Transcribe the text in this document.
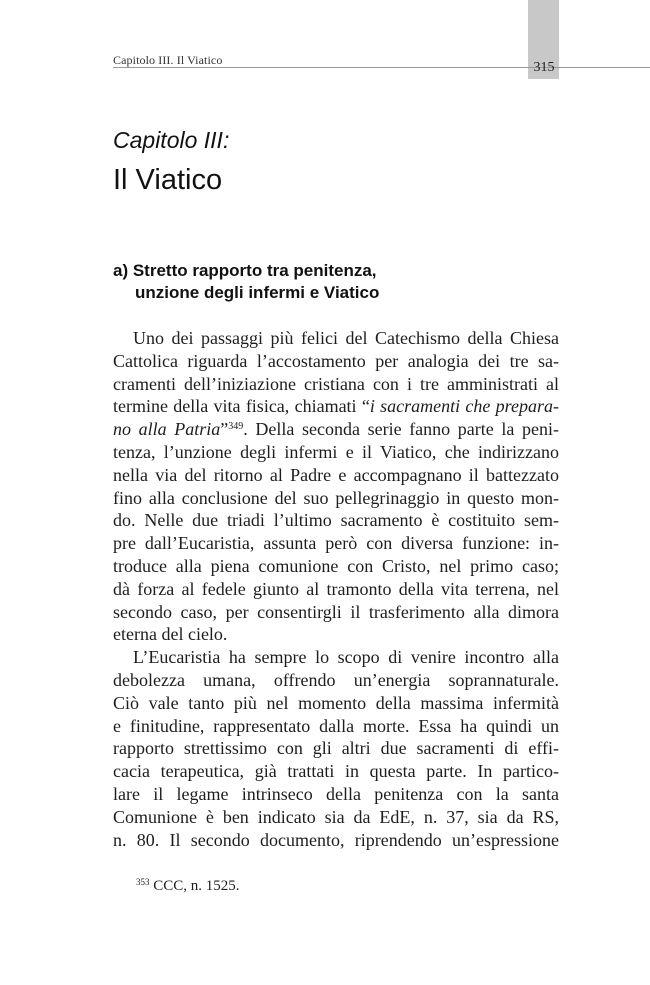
Capitolo III. Il Viatico	315
Capitolo III:
Il Viatico
a) Stretto rapporto tra penitenza,
unzione degli infermi e Viatico
Uno dei passaggi più felici del Catechismo della Chiesa
Cattolica riguarda l’accostamento per analogia dei tre sa-
cramenti dell’iniziazione cristiana con i tre amministrati al
termine della vita fisica, chiamati “i sacramenti che prepara-
no alla Patria”$^{349}$. Della seconda serie fanno parte la peni-
tenza, l’unzione degli infermi e il Viatico, che indirizzano
nella via del ritorno al Padre e accompagnano il battezzato
fino alla conclusione del suo pellegrinaggio in questo mon-
do. Nelle due triadi l’ultimo sacramento è costituito sem-
pre dall’Eucaristia, assunta però con diversa funzione: in-
troduce alla piena comunione con Cristo, nel primo caso;
dà forza al fedele giunto al tramonto della vita terrena, nel
secondo caso, per consentirgli il trasferimento alla dimora
eterna del cielo.
L’Eucaristia ha sempre lo scopo di venire incontro alla
debolezza umana, offrendo un’energia soprannaturale.
Ciò vale tanto più nel momento della massima infermità
e finitudine, rappresentato dalla morte. Essa ha quindi un
rapporto strettissimo con gli altri due sacramenti di effi-
cacia terapeutica, già trattati in questa parte. In partico-
lare il legame intrinseco della penitenza con la santa
Comunione è ben indicato sia da EdE, n. 37, sia da RS,
n. 80. Il secondo documento, riprendendo un’espressione
$^{353}$ CCC, n. 1525.
